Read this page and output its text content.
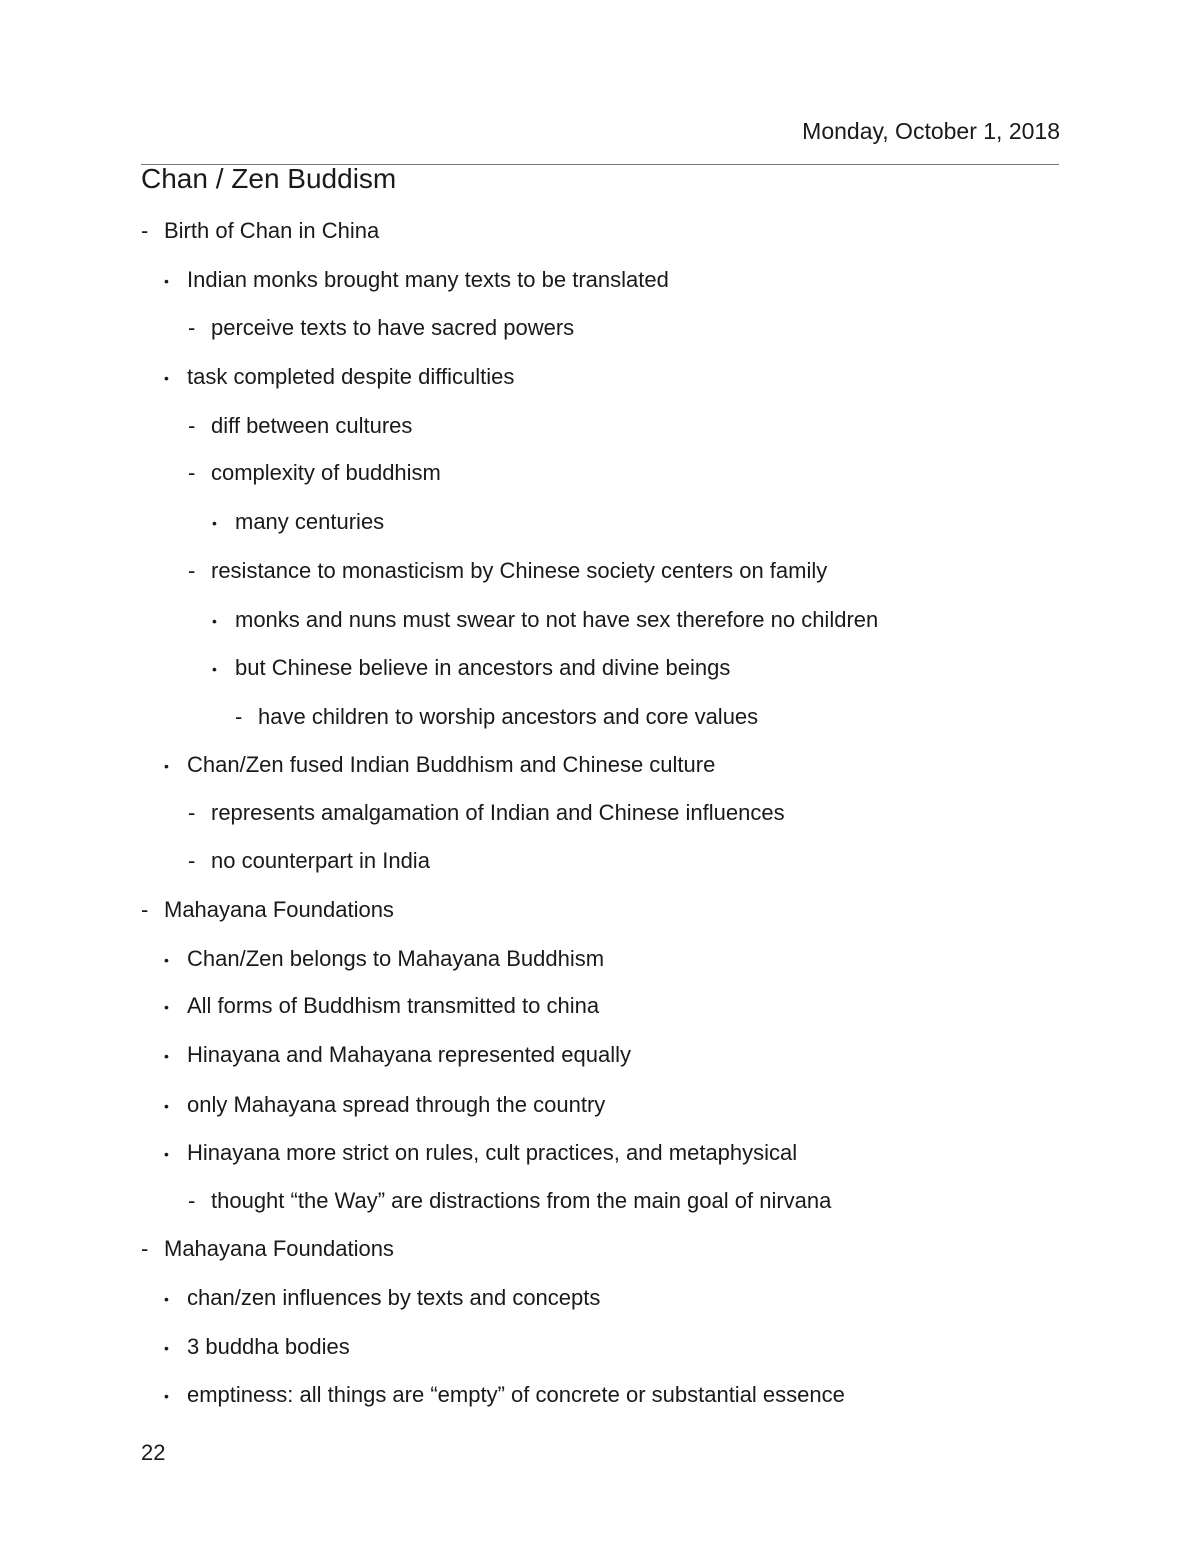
Monday, October 1, 2018

Chan / Zen Buddism
- Birth of Chan in China
• Indian monks brought many texts to be translated
- perceive texts to have sacred powers
• task completed despite difficulties
- diff between cultures
- complexity of buddhism
• many centuries
- resistance to monasticism by Chinese society centers on family
• monks and nuns must swear to not have sex therefore no children
• but Chinese believe in ancestors and divine beings
- have children to worship ancestors and core values
• Chan/Zen fused Indian Buddhism and Chinese culture
- represents amalgamation of Indian and Chinese influences
- no counterpart in India
- Mahayana Foundations
• Chan/Zen belongs to Mahayana Buddhism
• All forms of Buddhism transmitted to china
• Hinayana and Mahayana represented equally
• only Mahayana spread through the country
• Hinayana more strict on rules, cult practices, and metaphysical
- thought “the Way” are distractions from the main goal of nirvana
- Mahayana Foundations
• chan/zen influences by texts and concepts
• 3 buddha bodies
• emptiness: all things are “empty” of concrete or substantial essence

22
